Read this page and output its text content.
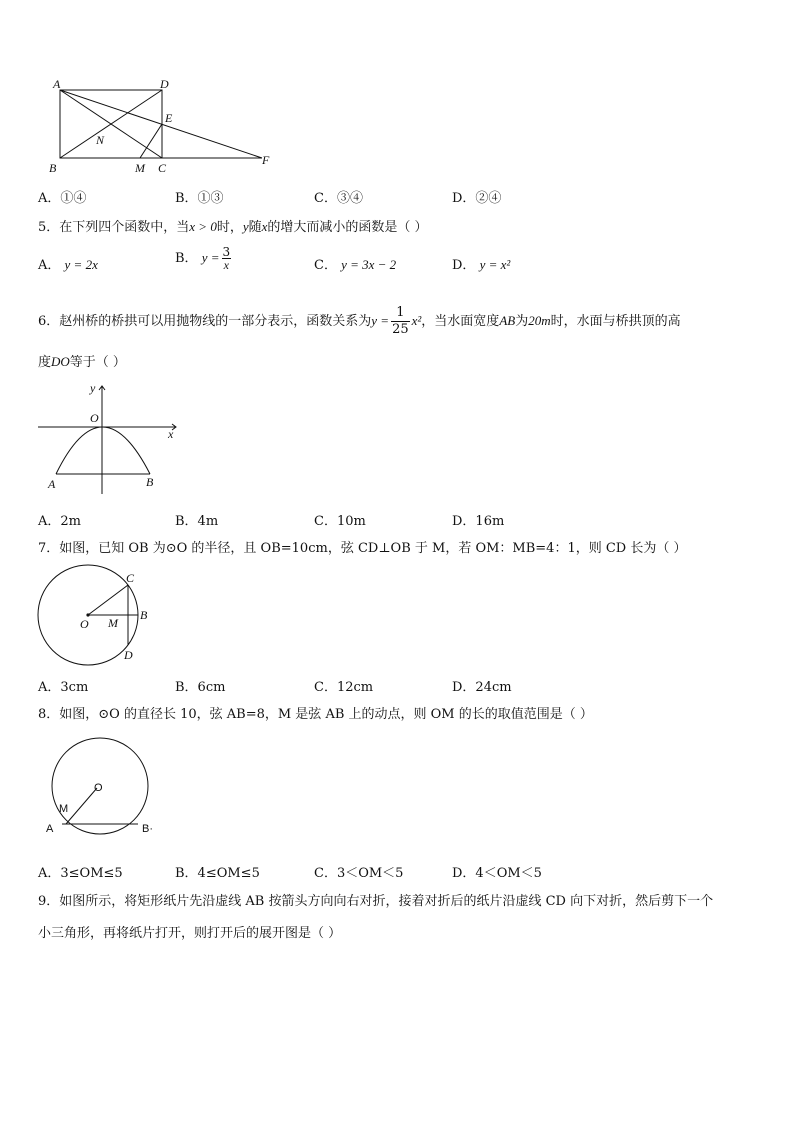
A	D
E
B
N
M C
F
A．①④	B．①③	C．③④	D．②④
5．在下列四个函数中，当x > 0时，y随x的增大而减小的函数是（ ）
A． y = 2x	B． $y = \frac{3}{x}$	C． y = 3x − 2	D． y = x²
6．赵州桥的桥拱可以用抛物线的一部分表示，函数关系为$y = \frac{1}{25} x^2$，当水面宽度AB为20m时，水面与桥拱顶的高
度DO等于（ ）
y
O
x
A	B
A．2m	B．4m	C．10m	D．16m
7．如图，已知 OB 为⊙O 的半径，且 OB=10cm，弦 CD⊥OB 于 M，若 OM：MB=4：1，则 CD 长为（ ）
C
O M
B
D
A．3cm	B．6cm	C．12cm	D．24cm
8．如图，⊙O 的直径长 10，弦 AB=8，M 是弦 AB 上的动点，则 OM 的长的取值范围是（ ）
O
M
A	B·
A．3≤OM≤5	B．4≤OM≤5	C．3＜OM＜5	D．4＜OM＜5
9．如图所示，将矩形纸片先沿虚线 AB 按箭头方向向右对折，接着对折后的纸片沿虚线 CD 向下对折，然后剪下一个
小三角形，再将纸片打开，则打开后的展开图是（ ）
